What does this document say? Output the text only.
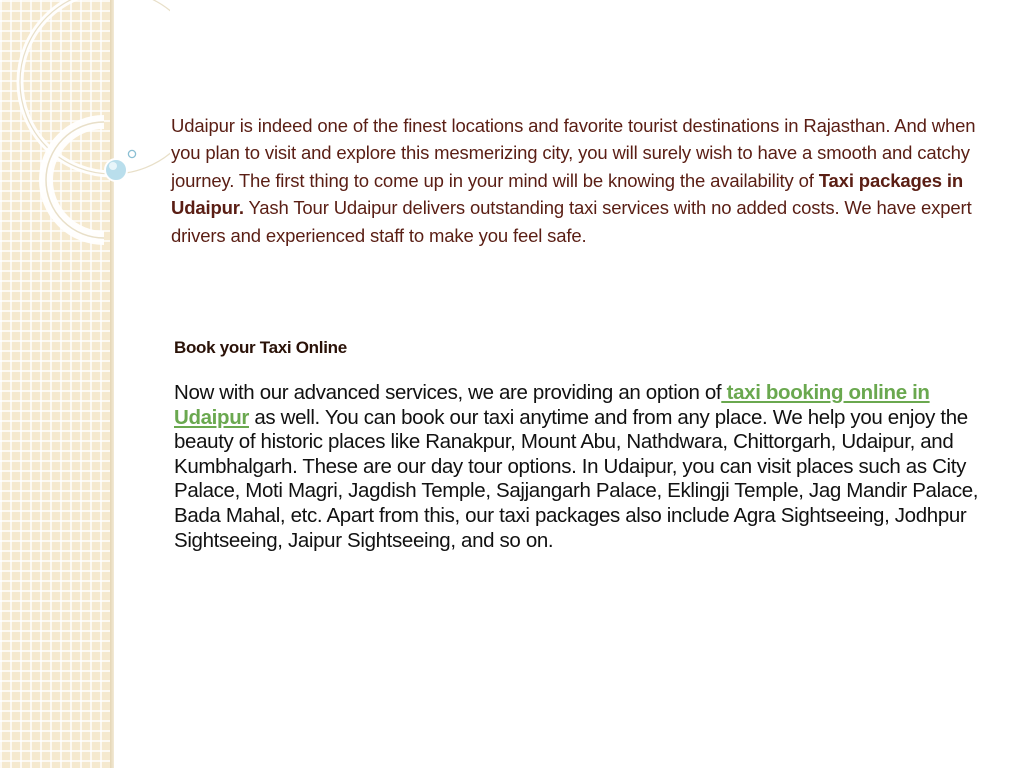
Udaipur is indeed one of the finest locations and favorite tourist destinations in Rajasthan. And when you plan to visit and explore this mesmerizing city, you will surely wish to have a smooth and catchy journey. The first thing to come up in your mind will be knowing the availability of Taxi packages in Udaipur. Yash Tour Udaipur delivers outstanding taxi services with no added costs. We have expert drivers and experienced staff to make you feel safe.

Book your Taxi Online

Now with our advanced services, we are providing an option of taxi booking online in Udaipur as well. You can book our taxi anytime and from any place. We help you enjoy the beauty of historic places like Ranakpur, Mount Abu, Nathdwara, Chittorgarh, Udaipur, and Kumbhalgarh. These are our day tour options. In Udaipur, you can visit places such as City Palace, Moti Magri, Jagdish Temple, Sajjangarh Palace, Eklingji Temple, Jag Mandir Palace, Bada Mahal, etc. Apart from this, our taxi packages also include Agra Sightseeing, Jodhpur Sightseeing, Jaipur Sightseeing, and so on.
